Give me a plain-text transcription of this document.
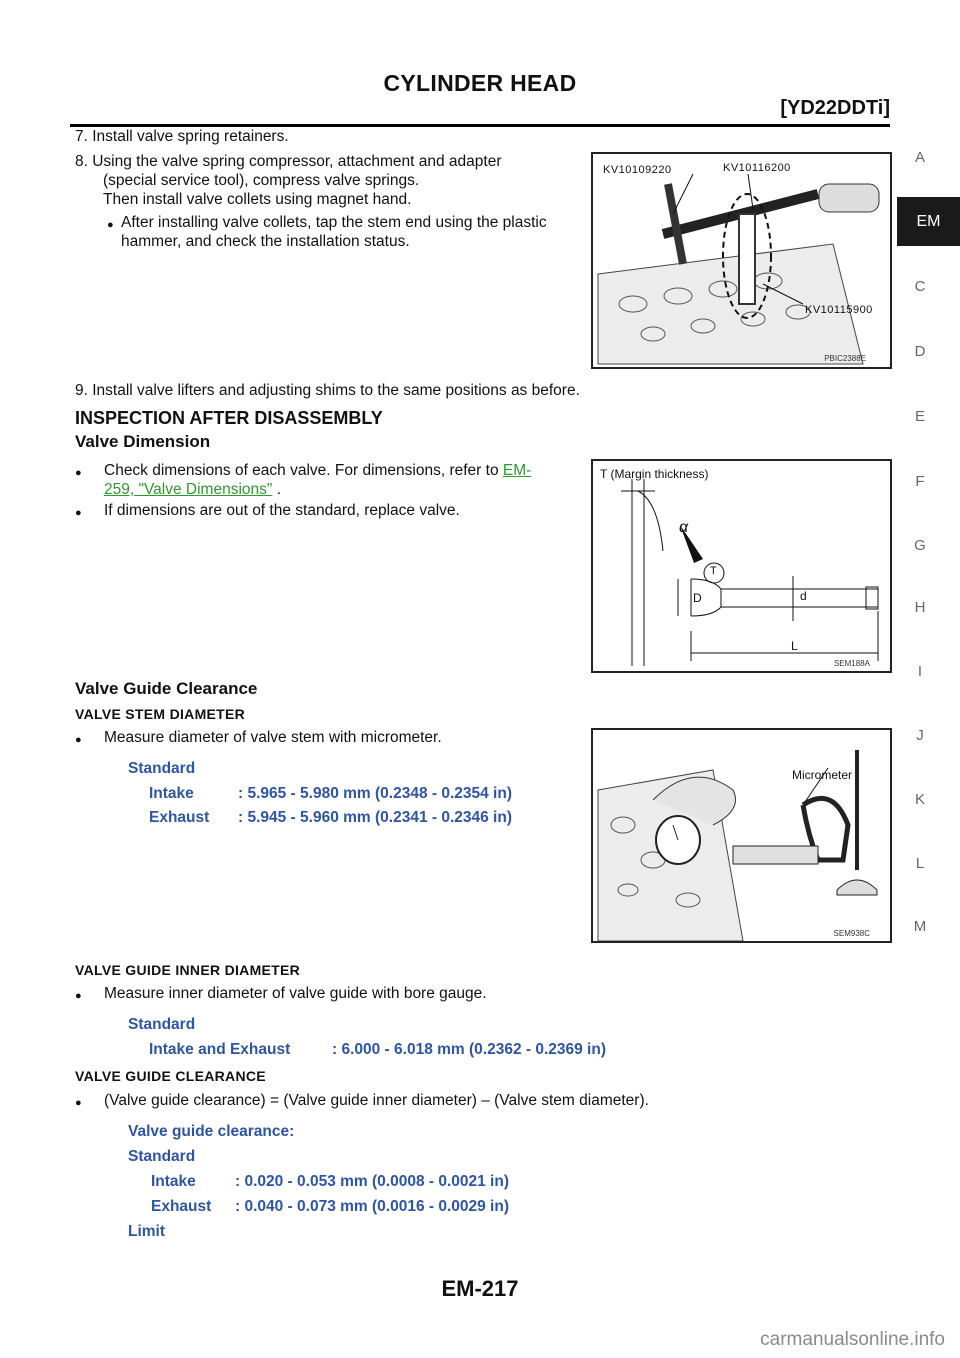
CYLINDER HEAD
[YD22DDTi]
7. Install valve spring retainers.
8. Using the valve spring compressor, attachment and adapter
(special service tool), compress valve springs.
Then install valve collets using magnet hand.
● After installing valve collets, tap the stem end using the plastic
hammer, and check the installation status.
KV10109220	KV10116200
KV10115900
PBIC2388E
9. Install valve lifters and adjusting shims to the same positions as before.
INSPECTION AFTER DISASSEMBLY
Valve Dimension
●	Check dimensions of each valve. For dimensions, refer to EM-
259, "Valve Dimensions" .
● If dimensions are out of the standard, replace valve.
T (Margin thickness)
α
T
D	d
L
SEM188A
Valve Guide Clearance
VALVE STEM DIAMETER
● Measure diameter of valve stem with micrometer.
Standard
Intake	: 5.965 - 5.980 mm (0.2348 - 0.2354 in)
Exhaust : 5.945 - 5.960 mm (0.2341 - 0.2346 in)
Micrometer
SEM938C
VALVE GUIDE INNER DIAMETER
● Measure inner diameter of valve guide with bore gauge.
Standard
Intake and Exhaust	: 6.000 - 6.018 mm (0.2362 - 0.2369 in)
VALVE GUIDE CLEARANCE
● (Valve guide clearance) = (Valve guide inner diameter) – (Valve stem diameter).
Valve guide clearance:
Standard
Intake	: 0.020 - 0.053 mm (0.0008 - 0.0021 in)
Exhaust : 0.040 - 0.073 mm (0.0016 - 0.0029 in)
Limit
A
EM
C
D
E
F
G
H
I
J
K
L
M
EM-217
carmanualsonline.info
